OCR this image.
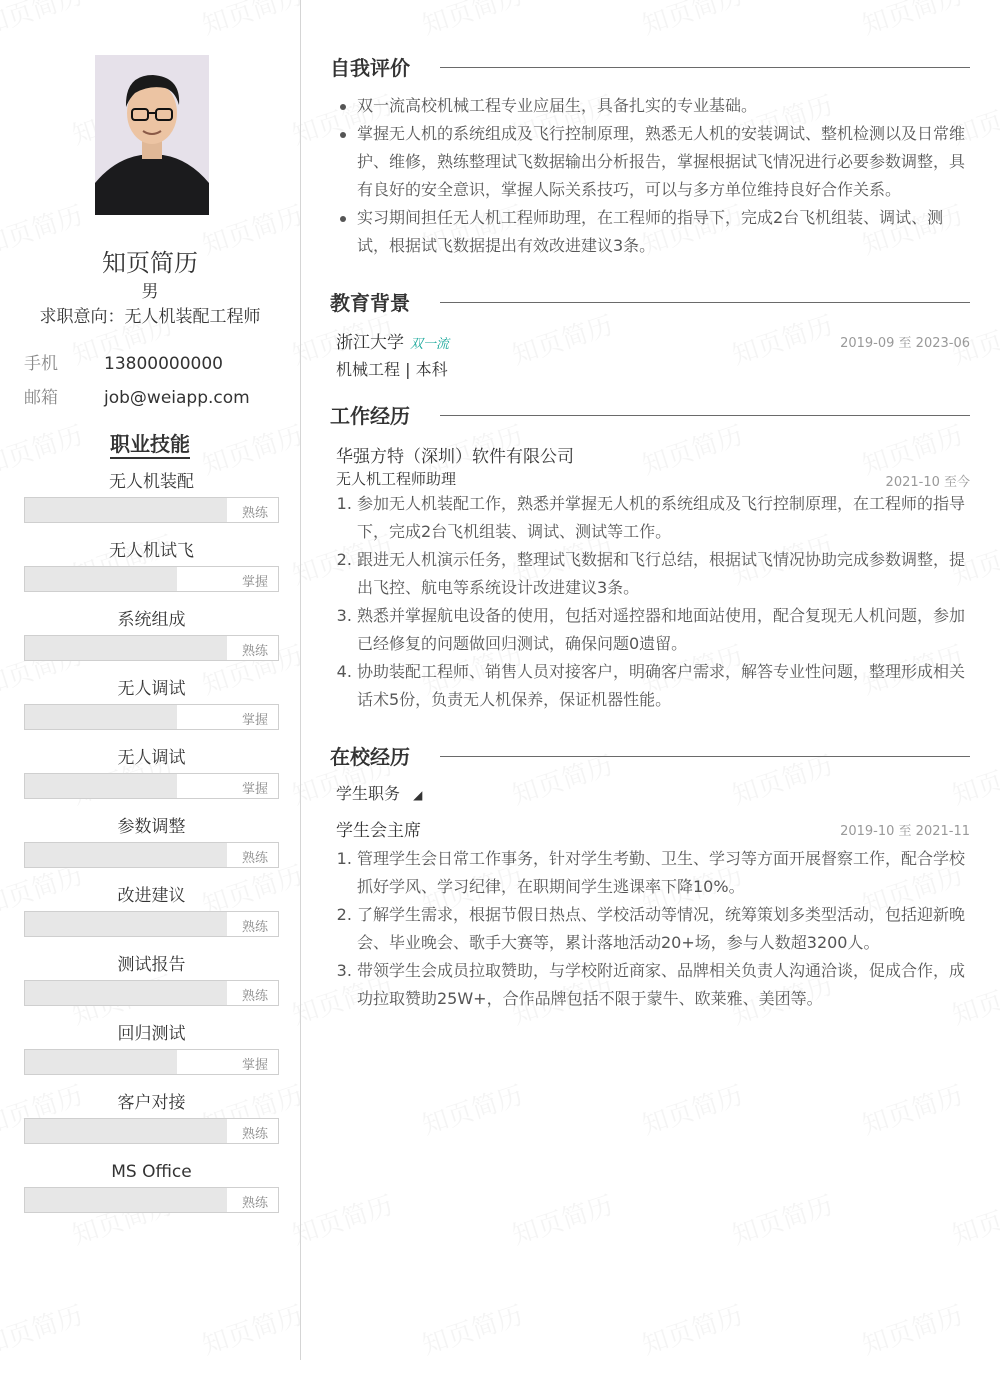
知页简历
男
求职意向：无人机装配工程师
手机	13800000000
邮箱	job@weiapp.com
职业技能
无人机装配
熟练
无人机试飞
掌握
系统组成
熟练
无人调试
掌握
无人调试
掌握
参数调整
熟练
改进建议
熟练
测试报告
熟练
回归测试
掌握
客户对接
熟练
MS Office
熟练
自我评价
双一流高校机械工程专业应届生，具备扎实的专业基础。
掌握无人机的系统组成及飞行控制原理，熟悉无人机的安装调试、整机检测以及日常维护、维修，熟练整理试飞数据输出分析报告，掌握根据试飞情况进行必要参数调整，具有良好的安全意识，掌握人际关系技巧，可以与多方单位维持良好合作关系。
实习期间担任无人机工程师助理，在工程师的指导下，完成2台飞机组装、调试、测试，根据试飞数据提出有效改进建议3条。
教育背景
浙江大学 双一流	2019-09 至 2023-06
机械工程 | 本科
工作经历
华强方特（深圳）软件有限公司
无人机工程师助理	2021-10 至今
1. 参加无人机装配工作，熟悉并掌握无人机的系统组成及飞行控制原理，在工程师的指导下，完成2台飞机组装、调试、测试等工作。
2. 跟进无人机演示任务，整理试飞数据和飞行总结，根据试飞情况协助完成参数调整，提出飞控、航电等系统设计改进建议3条。
3. 熟悉并掌握航电设备的使用，包括对遥控器和地面站使用，配合复现无人机问题，参加已经修复的问题做回归测试，确保问题0遗留。
4. 协助装配工程师、销售人员对接客户，明确客户需求，解答专业性问题，整理形成相关话术5份，负责无人机保养，保证机器性能。
在校经历
学生职务 ◢
学生会主席	2019-10 至 2021-11
1. 管理学生会日常工作事务，针对学生考勤、卫生、学习等方面开展督察工作，配合学校抓好学风、学习纪律，在职期间学生逃课率下降10%。
2. 了解学生需求，根据节假日热点、学校活动等情况，统筹策划多类型活动，包括迎新晚会、毕业晚会、歌手大赛等，累计落地活动20+场，参与人数超3200人。
3. 带领学生会成员拉取赞助，与学校附近商家、品牌相关负责人沟通洽谈，促成合作，成功拉取赞助25W+，合作品牌包括不限于蒙牛、欧莱雅、美团等。
